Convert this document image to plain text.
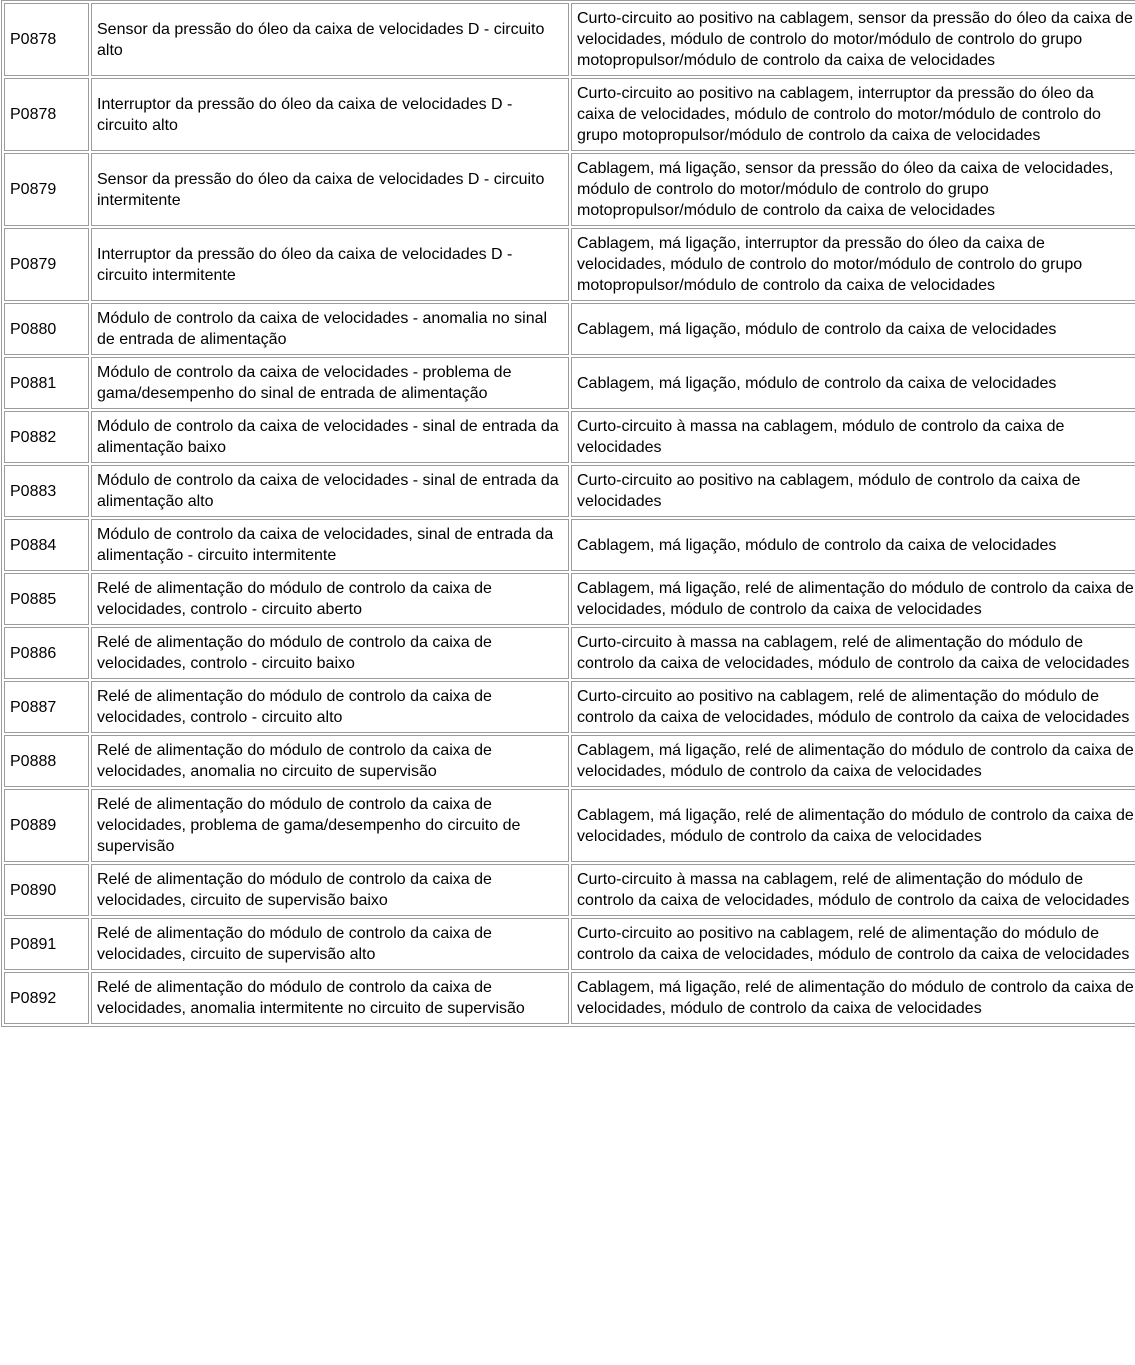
P0878	Sensor da pressão do óleo da caixa de velocidades D - circuito alto	Curto-circuito ao positivo na cablagem, sensor da pressão do óleo da caixa de velocidades, módulo de controlo do motor/módulo de controlo do grupo motopropulsor/módulo de controlo da caixa de velocidades
P0878	Interruptor da pressão do óleo da caixa de velocidades D - circuito alto	Curto-circuito ao positivo na cablagem, interruptor da pressão do óleo da caixa de velocidades, módulo de controlo do motor/módulo de controlo do grupo motopropulsor/módulo de controlo da caixa de velocidades
P0879	Sensor da pressão do óleo da caixa de velocidades D - circuito intermitente	Cablagem, má ligação, sensor da pressão do óleo da caixa de velocidades, módulo de controlo do motor/módulo de controlo do grupo motopropulsor/módulo de controlo da caixa de velocidades
P0879	Interruptor da pressão do óleo da caixa de velocidades D - circuito intermitente	Cablagem, má ligação, interruptor da pressão do óleo da caixa de velocidades, módulo de controlo do motor/módulo de controlo do grupo motopropulsor/módulo de controlo da caixa de velocidades
P0880	Módulo de controlo da caixa de velocidades - anomalia no sinal de entrada de alimentação	Cablagem, má ligação, módulo de controlo da caixa de velocidades
P0881	Módulo de controlo da caixa de velocidades - problema de gama/desempenho do sinal de entrada de alimentação	Cablagem, má ligação, módulo de controlo da caixa de velocidades
P0882	Módulo de controlo da caixa de velocidades - sinal de entrada da alimentação baixo	Curto-circuito à massa na cablagem, módulo de controlo da caixa de velocidades
P0883	Módulo de controlo da caixa de velocidades - sinal de entrada da alimentação alto	Curto-circuito ao positivo na cablagem, módulo de controlo da caixa de velocidades
P0884	Módulo de controlo da caixa de velocidades, sinal de entrada da alimentação - circuito intermitente	Cablagem, má ligação, módulo de controlo da caixa de velocidades
P0885	Relé de alimentação do módulo de controlo da caixa de velocidades, controlo - circuito aberto	Cablagem, má ligação, relé de alimentação do módulo de controlo da caixa de velocidades, módulo de controlo da caixa de velocidades
P0886	Relé de alimentação do módulo de controlo da caixa de velocidades, controlo - circuito baixo	Curto-circuito à massa na cablagem, relé de alimentação do módulo de controlo da caixa de velocidades, módulo de controlo da caixa de velocidades
P0887	Relé de alimentação do módulo de controlo da caixa de velocidades, controlo - circuito alto	Curto-circuito ao positivo na cablagem, relé de alimentação do módulo de controlo da caixa de velocidades, módulo de controlo da caixa de velocidades
P0888	Relé de alimentação do módulo de controlo da caixa de velocidades, anomalia no circuito de supervisão	Cablagem, má ligação, relé de alimentação do módulo de controlo da caixa de velocidades, módulo de controlo da caixa de velocidades
P0889	Relé de alimentação do módulo de controlo da caixa de velocidades, problema de gama/desempenho do circuito de supervisão	Cablagem, má ligação, relé de alimentação do módulo de controlo da caixa de velocidades, módulo de controlo da caixa de velocidades
P0890	Relé de alimentação do módulo de controlo da caixa de velocidades, circuito de supervisão baixo	Curto-circuito à massa na cablagem, relé de alimentação do módulo de controlo da caixa de velocidades, módulo de controlo da caixa de velocidades
P0891	Relé de alimentação do módulo de controlo da caixa de velocidades, circuito de supervisão alto	Curto-circuito ao positivo na cablagem, relé de alimentação do módulo de controlo da caixa de velocidades, módulo de controlo da caixa de velocidades
P0892	Relé de alimentação do módulo de controlo da caixa de velocidades, anomalia intermitente no circuito de supervisão	Cablagem, má ligação, relé de alimentação do módulo de controlo da caixa de velocidades, módulo de controlo da caixa de velocidades
